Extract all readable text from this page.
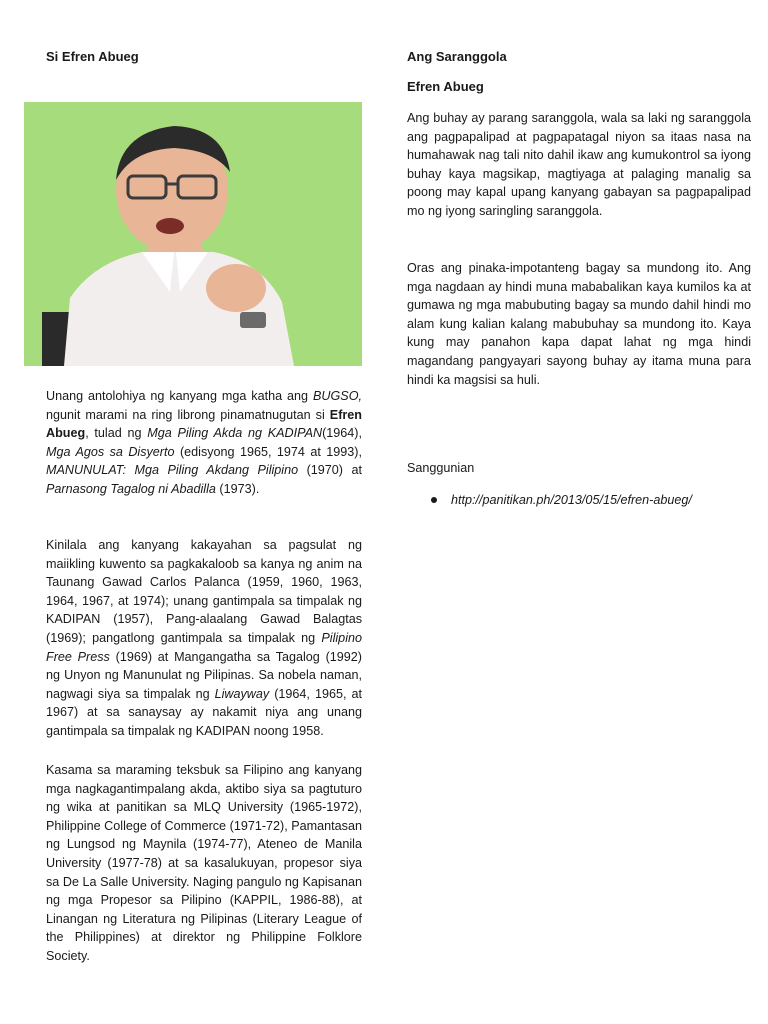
Si Efren Abueg

Unang antolohiya ng kanyang mga katha ang BUGSO, ngunit marami na ring librong pinamatnugutan si Efren Abueg, tulad ng Mga Piling Akda ng KADIPAN(1964), Mga Agos sa Disyerto (edisyong 1965, 1974 at 1993), MANUNULAT: Mga Piling Akdang Pilipino (1970) at Parnasong Tagalog ni Abadilla (1973).

Kinilala ang kanyang kakayahan sa pagsulat ng maiikling kuwento sa pagkakaloob sa kanya ng anim na Taunang Gawad Carlos Palanca (1959, 1960, 1963, 1964, 1967, at 1974); unang gantimpala sa timpalak ng KADIPAN (1957), Pang-alaalang Gawad Balagtas (1969); pangatlong gantimpala sa timpalak ng Pilipino Free Press (1969) at Mangangatha sa Tagalog (1992) ng Unyon ng Manunulat ng Pilipinas. Sa nobela naman, nagwagi siya sa timpalak ng Liwayway (1964, 1965, at 1967) at sa sanaysay ay nakamit niya ang unang gantimpala sa timpalak ng KADIPAN noong 1958.

Kasama sa maraming teksbuk sa Filipino ang kanyang mga nagkagantimpalang akda, aktibo siya sa pagtuturo ng wika at panitikan sa MLQ University (1965-1972), Philippine College of Commerce (1971-72), Pamantasan ng Lungsod ng Maynila (1974-77), Ateneo de Manila University (1977-78) at sa kasalukuyan, propesor siya sa De La Salle University. Naging pangulo ng Kapisanan ng mga Propesor sa Pilipino (KAPPIL, 1986-88), at Linangan ng Literatura ng Pilipinas (Literary League of the Philippines) at direktor ng Philippine Folklore Society.

Ang Saranggola
Efren Abueg

Ang buhay ay parang saranggola, wala sa laki ng saranggola ang pagpapalipad at pagpapatagal niyon sa itaas nasa na humahawak nag tali nito dahil ikaw ang kumukontrol sa iyong buhay kaya magsikap, magtiyaga at palaging manalig sa poong may kapal upang kanyang gabayan sa pagpapalipad mo ng iyong saringling saranggola.

Oras ang pinaka-impotanteng bagay sa mundong ito. Ang mga nagdaan ay hindi muna mababalikan kaya kumilos ka at gumawa ng mga mabubuting bagay sa mundo dahil hindi mo alam kung kalian kalang mabubuhay sa mundong ito. Kaya kung may panahon kapa dapat lahat ng mga hindi magandang pangyayari sayong buhay ay itama muna para hindi ka magsisi sa huli.

Sanggunian

http://panitikan.ph/2013/05/15/efren-abueg/
